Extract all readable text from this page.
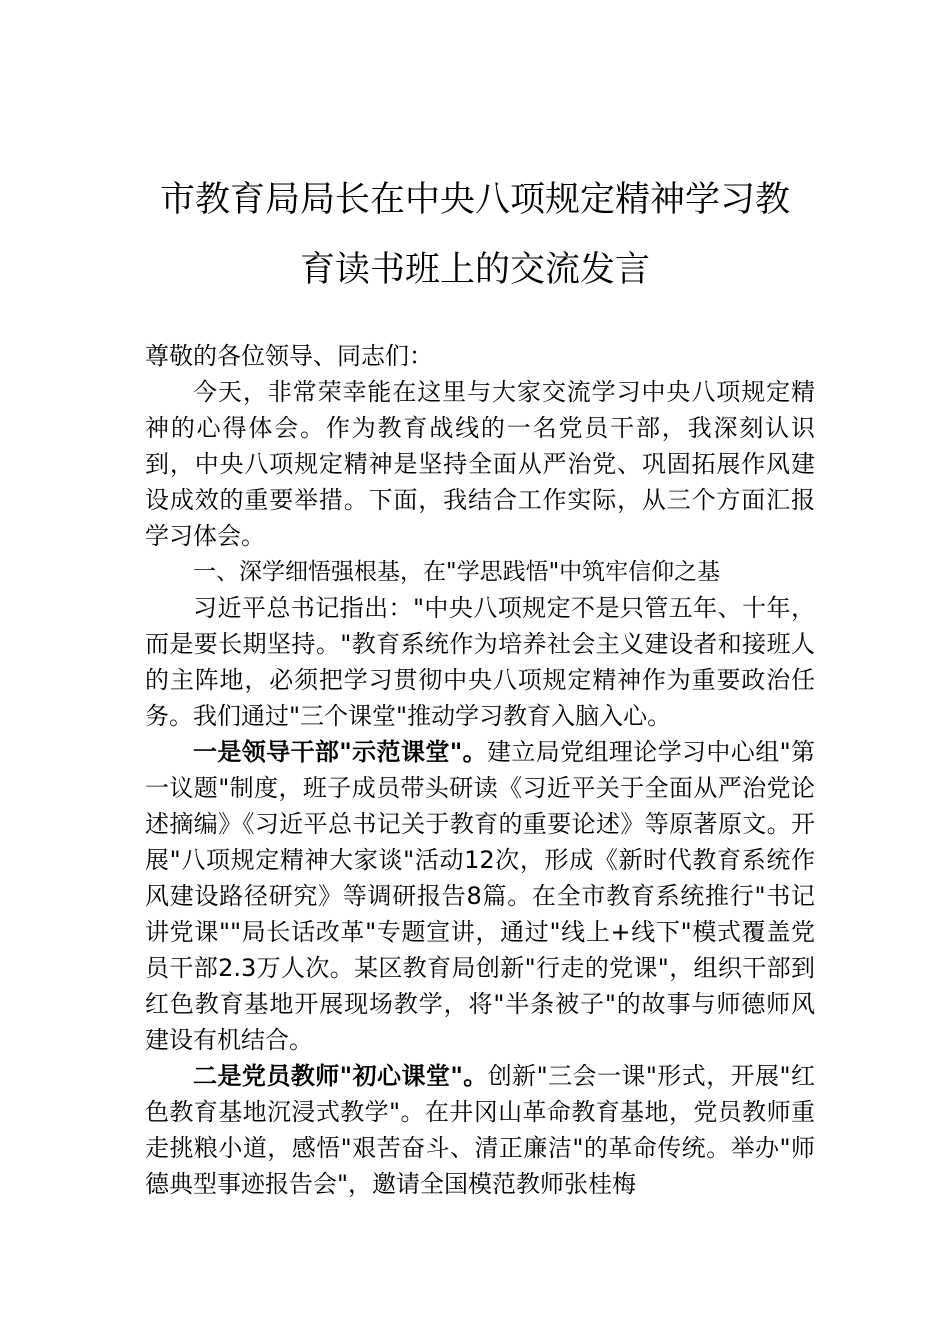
市教育局局长在中央八项规定精神学习教
育读书班上的交流发言

尊敬的各位领导、同志们：

今天，非常荣幸能在这里与大家交流学习中央八项规定精神的心得体会。作为教育战线的一名党员干部，我深刻认识到，中央八项规定精神是坚持全面从严治党、巩固拓展作风建设成效的重要举措。下面，我结合工作实际，从三个方面汇报学习体会。

一、深学细悟强根基，在"学思践悟"中筑牢信仰之基

习近平总书记指出："中央八项规定不是只管五年、十年，而是要长期坚持。"教育系统作为培养社会主义建设者和接班人的主阵地，必须把学习贯彻中央八项规定精神作为重要政治任务。我们通过"三个课堂"推动学习教育入脑入心。

一是领导干部"示范课堂"。建立局党组理论学习中心组"第一议题"制度，班子成员带头研读《习近平关于全面从严治党论述摘编》《习近平总书记关于教育的重要论述》等原著原文。开展"八项规定精神大家谈"活动12次，形成《新时代教育系统作风建设路径研究》等调研报告8篇。在全市教育系统推行"书记讲党课""局长话改革"专题宣讲，通过"线上+线下"模式覆盖党员干部2.3万人次。某区教育局创新"行走的党课"，组织干部到红色教育基地开展现场教学，将"半条被子"的故事与师德师风建设有机结合。

二是党员教师"初心课堂"。创新"三会一课"形式，开展"红色教育基地沉浸式教学"。在井冈山革命教育基地，党员教师重走挑粮小道，感悟"艰苦奋斗、清正廉洁"的革命传统。举办"师德典型事迹报告会"，邀请全国模范教师张桂梅
